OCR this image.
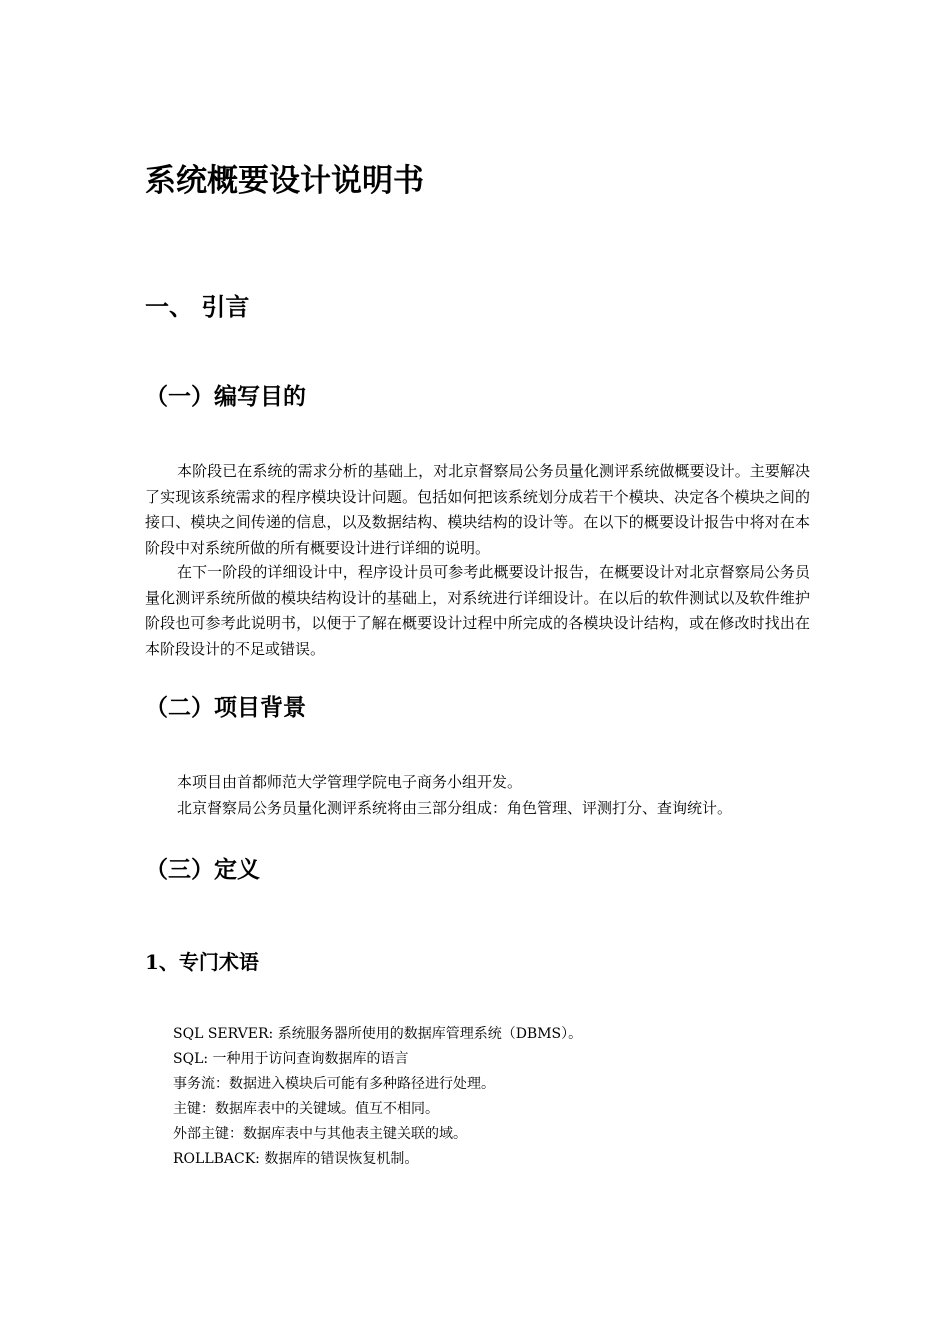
系统概要设计说明书
一、 引言
（一）编写目的

本阶段已在系统的需求分析的基础上，对北京督察局公务员量化测评系统做概要设计。主要解决了实现该系统需求的程序模块设计问题。包括如何把该系统划分成若干个模块、决定各个模块之间的接口、模块之间传递的信息，以及数据结构、模块结构的设计等。在以下的概要设计报告中将对在本阶段中对系统所做的所有概要设计进行详细的说明。

在下一阶段的详细设计中，程序设计员可参考此概要设计报告，在概要设计对北京督察局公务员量化测评系统所做的模块结构设计的基础上，对系统进行详细设计。在以后的软件测试以及软件维护阶段也可参考此说明书，以便于了解在概要设计过程中所完成的各模块设计结构，或在修改时找出在本阶段设计的不足或错误。

（二）项目背景

本项目由首都师范大学管理学院电子商务小组开发。

北京督察局公务员量化测评系统将由三部分组成：角色管理、评测打分、查询统计。

（三）定义
1、专门术语

SQL SERVER: 系统服务器所使用的数据库管理系统（DBMS）。

SQL: 一种用于访问查询数据库的语言

事务流：数据进入模块后可能有多种路径进行处理。

主键：数据库表中的关键域。值互不相同。

外部主键：数据库表中与其他表主键关联的域。

ROLLBACK: 数据库的错误恢复机制。
